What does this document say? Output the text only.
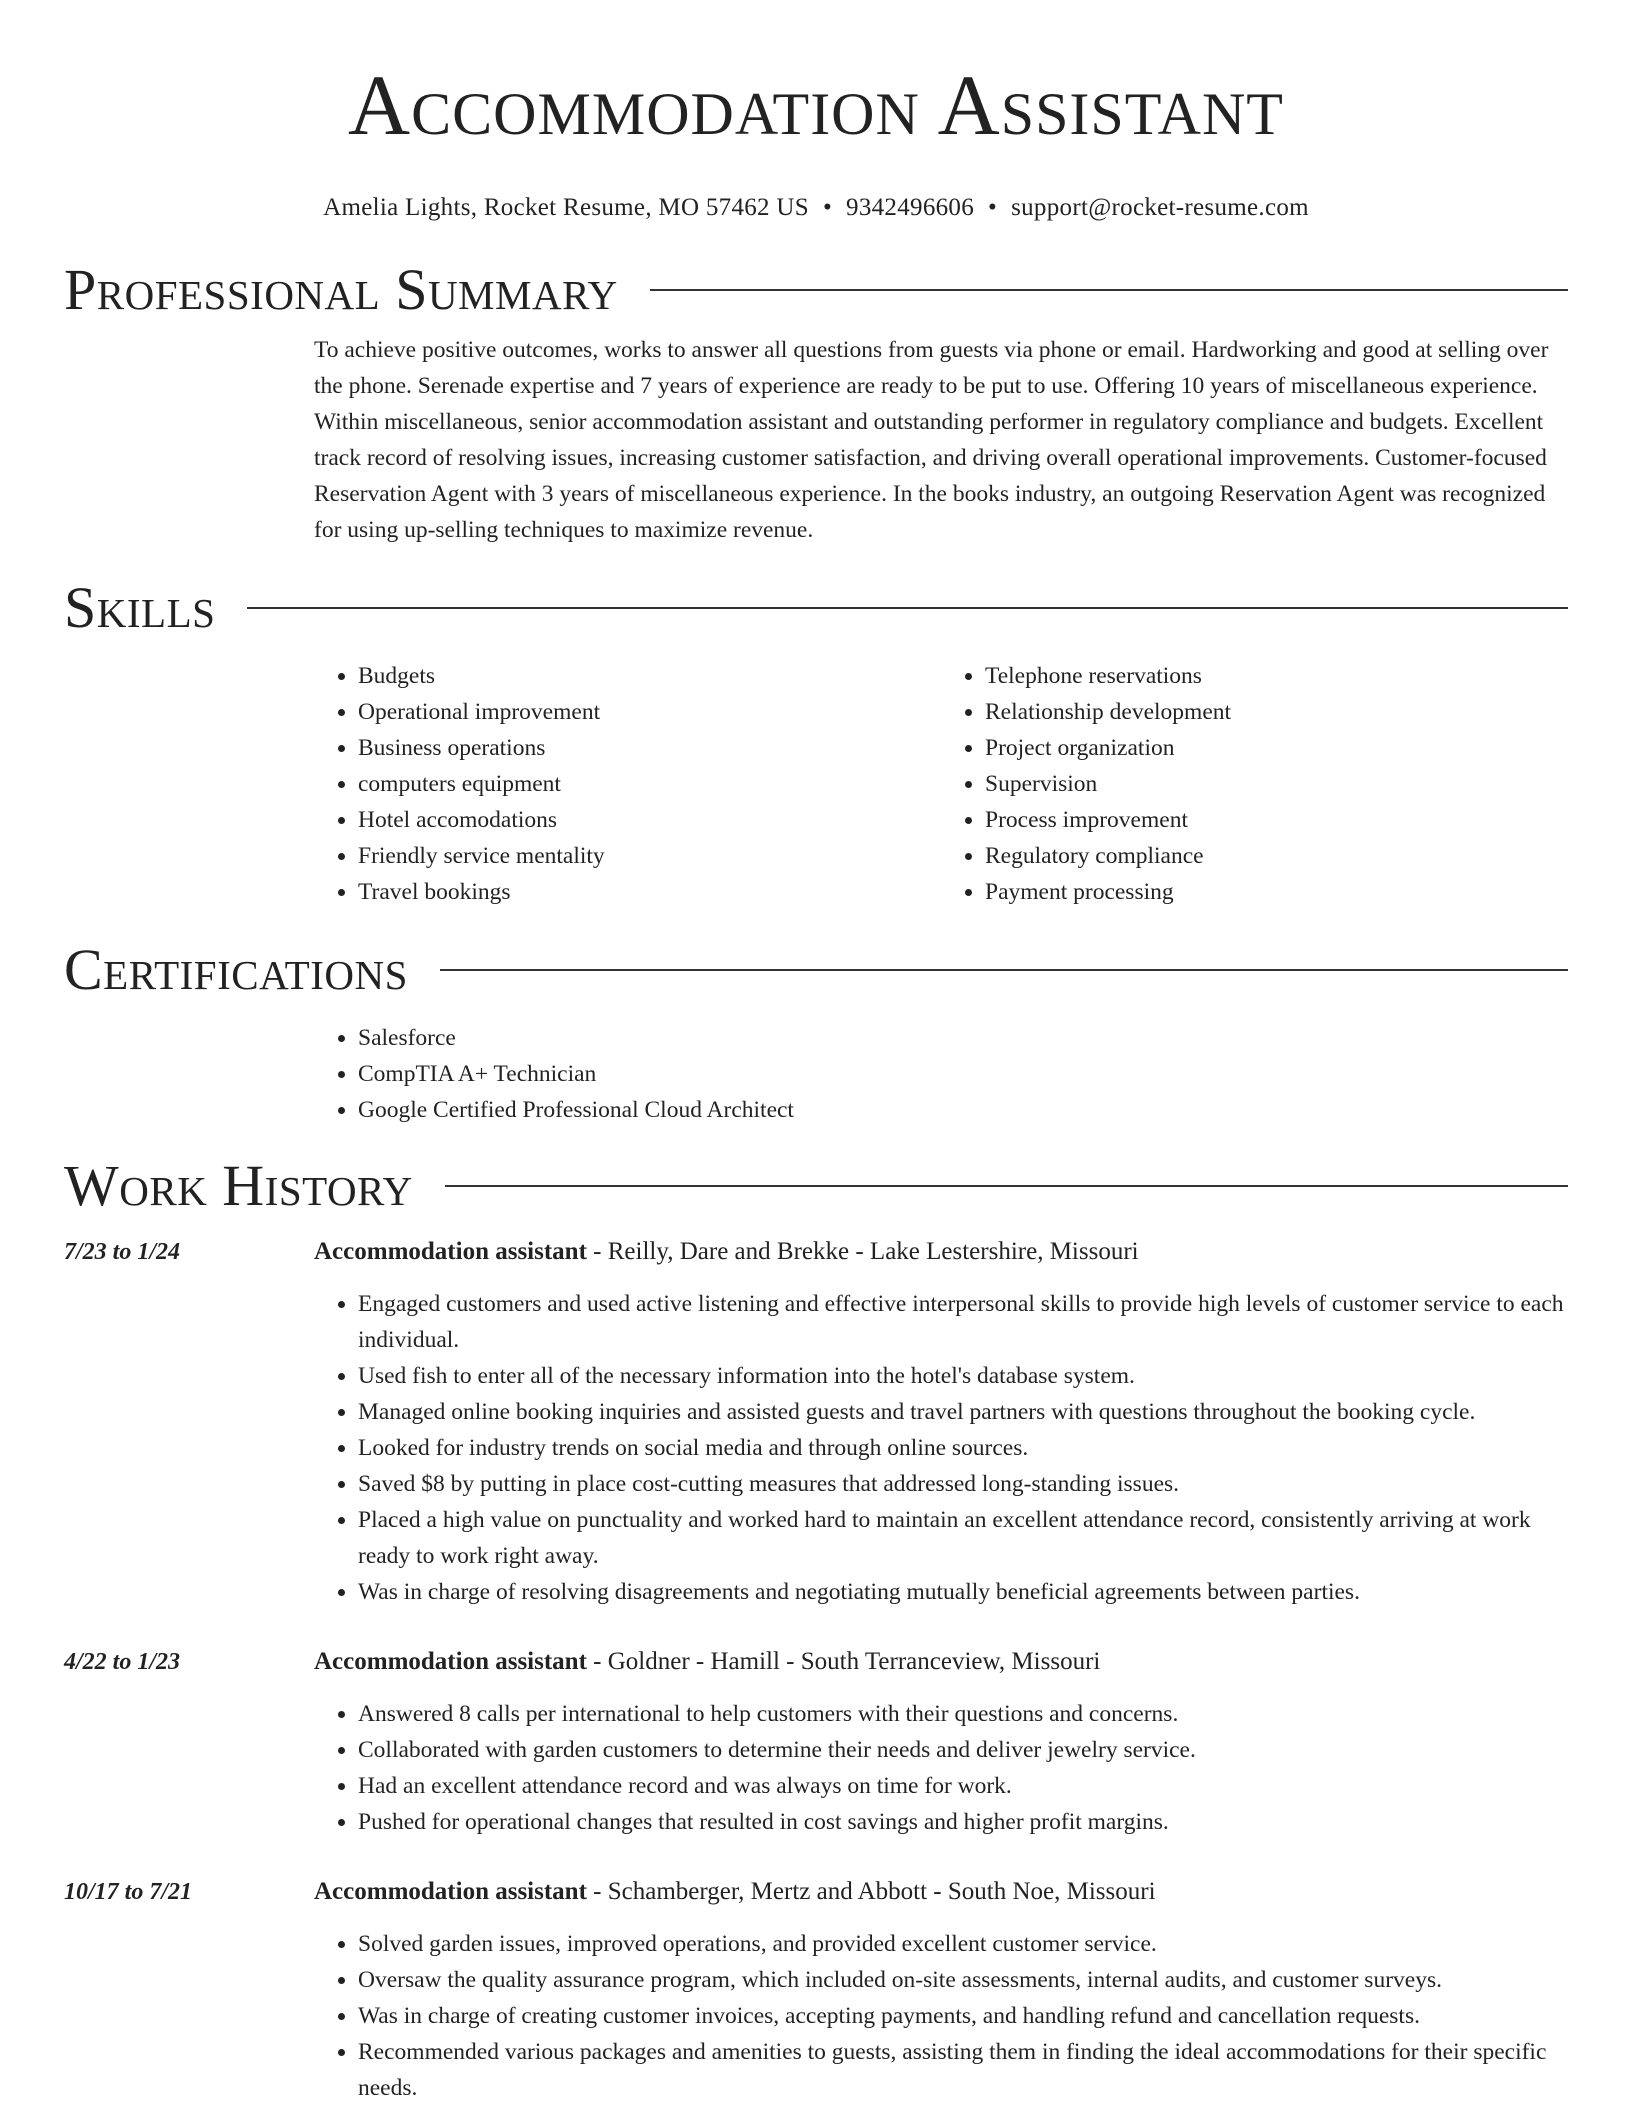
Accommodation Assistant
Amelia Lights, Rocket Resume, MO 57462 US • 9342496606 • support@rocket-resume.com
Professional Summary

To achieve positive outcomes, works to answer all questions from guests via phone or email. Hardworking and good at selling over the phone. Serenade expertise and 7 years of experience are ready to be put to use. Offering 10 years of miscellaneous experience. Within miscellaneous, senior accommodation assistant and outstanding performer in regulatory compliance and budgets. Excellent track record of resolving issues, increasing customer satisfaction, and driving overall operational improvements. Customer-focused Reservation Agent with 3 years of miscellaneous experience. In the books industry, an outgoing Reservation Agent was recognized for using up-selling techniques to maximize revenue.

Skills
• Budgets
• Operational improvement
• Business operations
• computers equipment
• Hotel accomodations
• Friendly service mentality
• Travel bookings
• Telephone reservations
• Relationship development
• Project organization
• Supervision
• Process improvement
• Regulatory compliance
• Payment processing
Certifications
• Salesforce
• CompTIA A+ Technician
• Google Certified Professional Cloud Architect
Work History
7/23 to 1/24	Accommodation assistant - Reilly, Dare and Brekke - Lake Lestershire, Missouri
• Engaged customers and used active listening and effective interpersonal skills to provide high levels of customer service to each individual.
• Used fish to enter all of the necessary information into the hotel's database system.
• Managed online booking inquiries and assisted guests and travel partners with questions throughout the booking cycle.
• Looked for industry trends on social media and through online sources.
• Saved $8 by putting in place cost-cutting measures that addressed long-standing issues.
• Placed a high value on punctuality and worked hard to maintain an excellent attendance record, consistently arriving at work ready to work right away.
• Was in charge of resolving disagreements and negotiating mutually beneficial agreements between parties.
4/22 to 1/23	Accommodation assistant - Goldner - Hamill - South Terranceview, Missouri
• Answered 8 calls per international to help customers with their questions and concerns.
• Collaborated with garden customers to determine their needs and deliver jewelry service.
• Had an excellent attendance record and was always on time for work.
• Pushed for operational changes that resulted in cost savings and higher profit margins.
10/17 to 7/21	Accommodation assistant - Schamberger, Mertz and Abbott - South Noe, Missouri
• Solved garden issues, improved operations, and provided excellent customer service.
• Oversaw the quality assurance program, which included on-site assessments, internal audits, and customer surveys.
• Was in charge of creating customer invoices, accepting payments, and handling refund and cancellation requests.
• Recommended various packages and amenities to guests, assisting them in finding the ideal accommodations for their specific needs.
